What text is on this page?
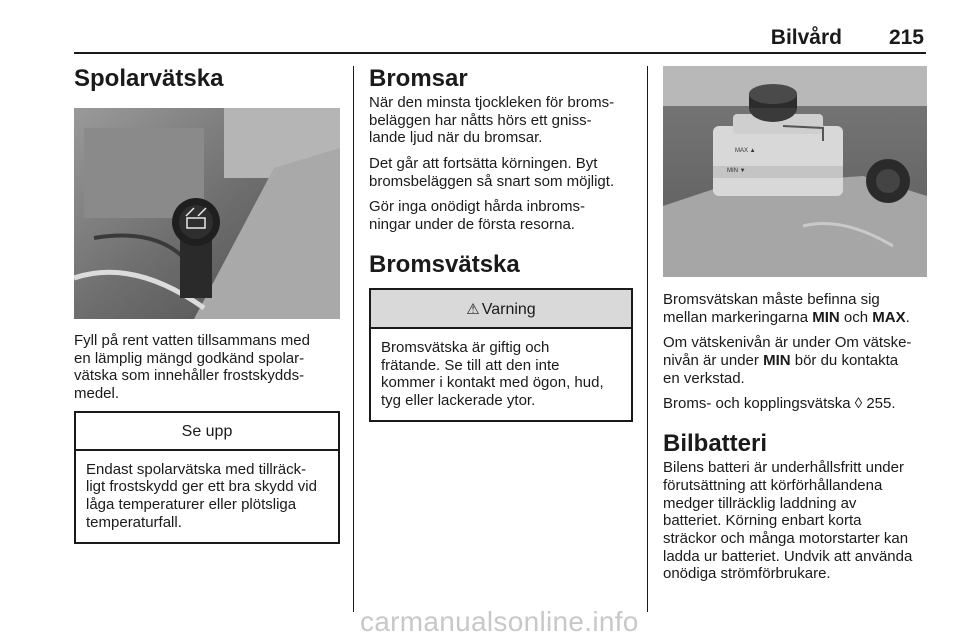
Bilvård 215
Spolarvätska

Fyll på rent vatten tillsammans med
en lämplig mängd godkänd spolar-
vätska som innehåller frostskydds-
medel.

Se upp
Endast spolarvätska med tillräck-
ligt frostskydd ger ett bra skydd vid
låga temperaturer eller plötsliga
temperaturfall.
Bromsar

När den minsta tjockleken för broms-
beläggen har nåtts hörs ett gniss-
lande ljud när du bromsar.

Det går att fortsätta körningen. Byt
bromsbeläggen så snart som möjligt.

Gör inga onödigt hårda inbroms-
ningar under de första resorna.

Bromsvätska
⚠ Varning
Bromsvätska är giftig och
frätande. Se till att den inte
kommer i kontakt med ögon, hud,
tyg eller lackerade ytor.
MAX ▲
MIN ▼

Bromsvätskan måste befinna sig
mellan markeringarna MIN och MAX.

Om vätskenivån är under Om vätske-
nivån är under MIN bör du kontakta
en verkstad.

Broms- och kopplingsvätska ◊ 255.

Bilbatteri

Bilens batteri är underhållsfritt under
förutsättning att körförhållandena
medger tillräcklig laddning av
batteriet. Körning enbart korta
sträckor och många motorstarter kan
ladda ur batteriet. Undvik att använda
onödiga strömförbrukare.

carmanualsonline.info
